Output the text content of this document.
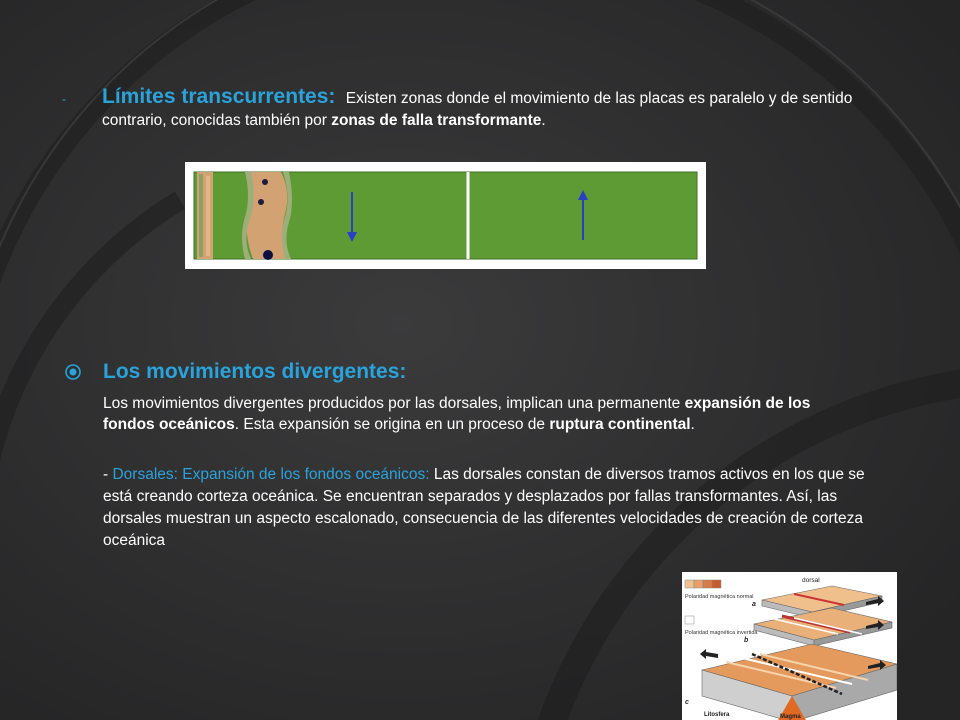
-	Límites transcurrentes: Existen zonas donde el movimiento de las placas es paralelo y de sentido contrario, conocidas también por zonas de falla transformante.
Los movimientos divergentes:
Los movimientos divergentes producidos por las dorsales, implican una permanente expansión de los fondos oceánicos. Esta expansión se origina en un proceso de ruptura continental.
- Dorsales: Expansión de los fondos oceánicos: Las dorsales constan de diversos tramos activos en los que se está creando corteza oceánica. Se encuentran separados y desplazados por fallas transformantes. Así, las dorsales muestran un aspecto escalonado, consecuencia de las diferentes velocidades de creación de corteza oceánica
Polaridad magnética normal
Polaridad magnética invertida
dorsal
a
b
c
Litosfera	Magma
